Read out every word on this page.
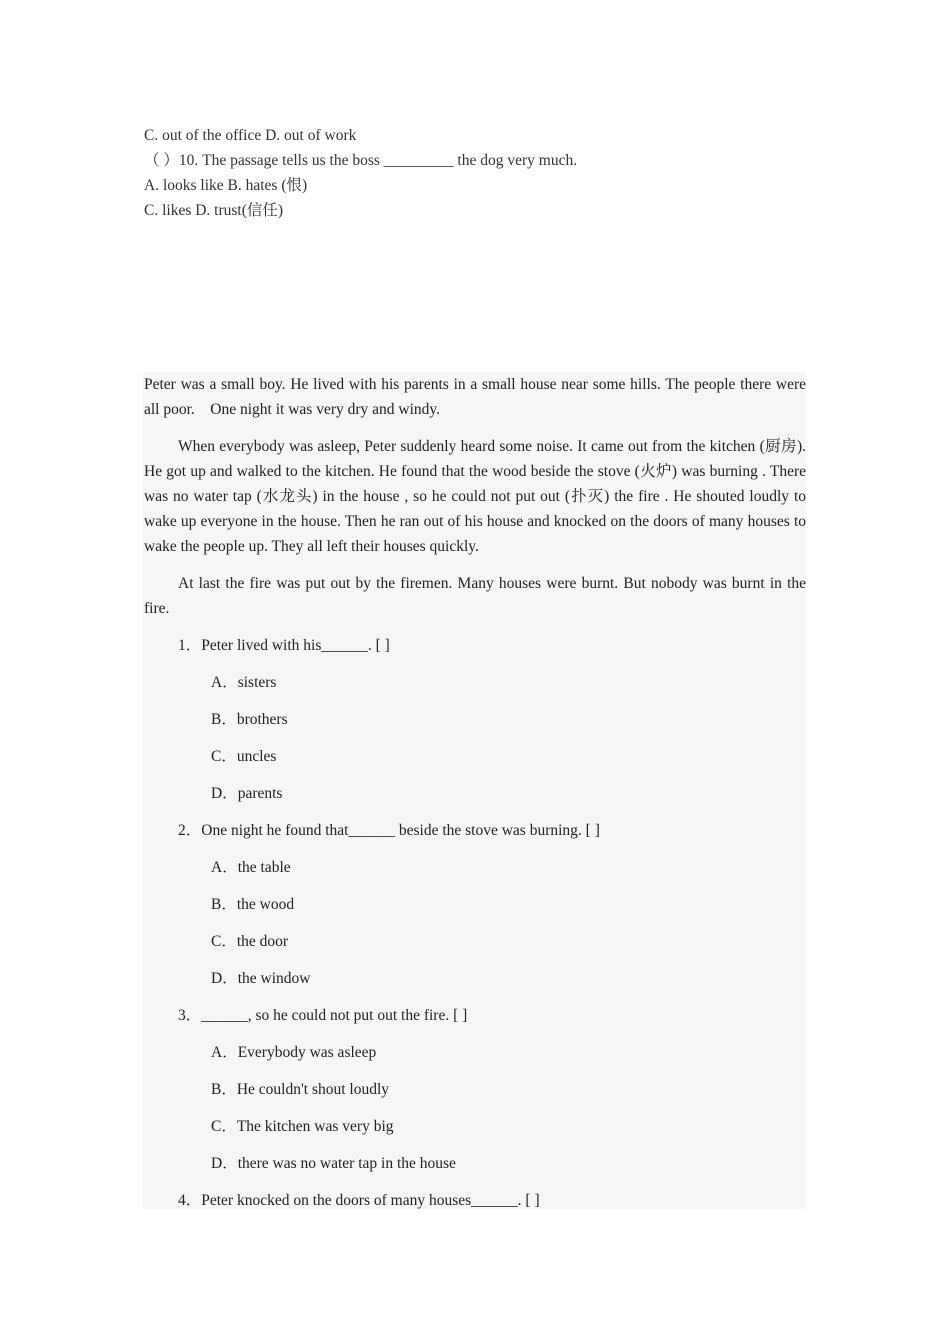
C. out of the office D. out of work
（ ）10. The passage tells us the boss _________ the dog very much.
A. looks like B. hates (恨)
C. likes D. trust(信任)

Peter was a small boy. He lived with his parents in a small house near some hills. The people there were all poor.　One night it was very dry and windy.

When everybody was asleep, Peter suddenly heard some noise. It came out from the kitchen (厨房). He got up and walked to the kitchen. He found that the wood beside the stove (火炉) was burning . There was no water tap (水龙头) in the house , so he could not put out (扑灭) the fire . He shouted loudly to wake up everyone in the house. Then he ran out of his house and knocked on the doors of many houses to wake the people up. They all left their houses quickly.

At last the fire was put out by the firemen. Many houses were burnt. But nobody was burnt in the fire.

1．Peter lived with his______. [ ]
A．sisters
B．brothers
C．uncles
D．parents
2．One night he found that______ beside the stove was burning. [ ]
A．the table
B．the wood
C．the door
D．the window
3．______, so he could not put out the fire. [ ]
A．Everybody was asleep
B．He couldn't shout loudly
C．The kitchen was very big
D．there was no water tap in the house
4．Peter knocked on the doors of many houses______. [ ]
